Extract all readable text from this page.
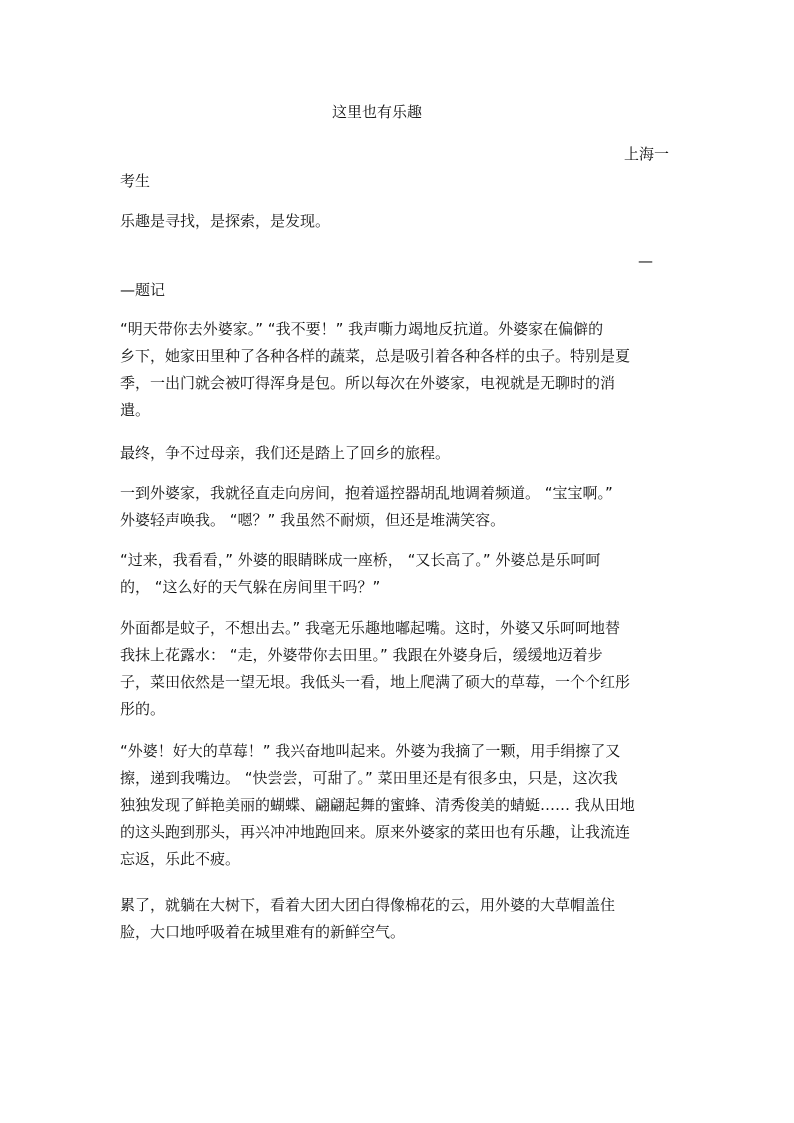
这里也有乐趣
上海一
考生
乐趣是寻找，是探索，是发现。
—
—题记
“明天带你去外婆家。” “我不要！” 我声嘶力竭地反抗道。外婆家在偏僻的
乡下，她家田里种了各种各样的蔬菜，总是吸引着各种各样的虫子。特别是夏
季，一出门就会被叮得浑身是包。所以每次在外婆家，电视就是无聊时的消
遣。
最终，争不过母亲，我们还是踏上了回乡的旅程。
一到外婆家，我就径直走向房间，抱着遥控器胡乱地调着频道。 “宝宝啊。”
外婆轻声唤我。 “嗯？” 我虽然不耐烦，但还是堆满笑容。
“过来，我看看，” 外婆的眼睛眯成一座桥， “又长高了。” 外婆总是乐呵呵
的， “这么好的天气躲在房间里干吗？”
外面都是蚊子，不想出去。” 我毫无乐趣地嘟起嘴。这时，外婆又乐呵呵地替
我抹上花露水： “走，外婆带你去田里。” 我跟在外婆身后，缓缓地迈着步
子，菜田依然是一望无垠。我低头一看，地上爬满了硕大的草莓，一个个红彤
彤的。
“外婆！好大的草莓！” 我兴奋地叫起来。外婆为我摘了一颗，用手绢擦了又
擦，递到我嘴边。 “快尝尝，可甜了。” 菜田里还是有很多虫，只是，这次我
独独发现了鲜艳美丽的蝴蝶、翩翩起舞的蜜蜂、清秀俊美的蜻蜓…… 我从田地
的这头跑到那头，再兴冲冲地跑回来。原来外婆家的菜田也有乐趣，让我流连
忘返，乐此不疲。
累了，就躺在大树下，看着大团大团白得像棉花的云，用外婆的大草帽盖住
脸，大口地呼吸着在城里难有的新鲜空气。
